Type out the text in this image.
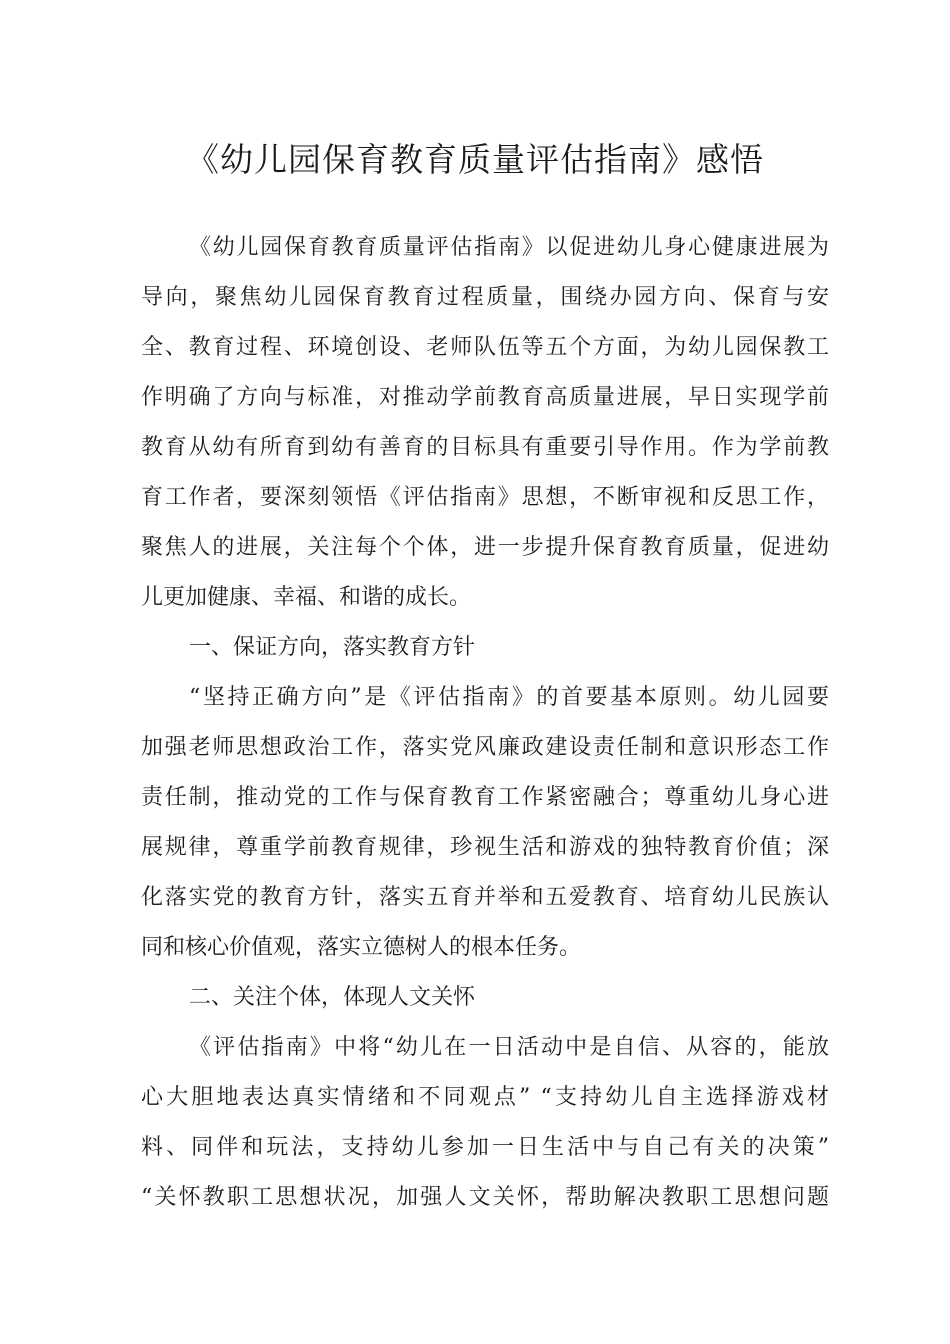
《幼儿园保育教育质量评估指南》感悟
《幼儿园保育教育质量评估指南》以促进幼儿身心健康进展为
导向，聚焦幼儿园保育教育过程质量，围绕办园方向、保育与安
全、教育过程、环境创设、老师队伍等五个方面，为幼儿园保教工
作明确了方向与标准，对推动学前教育高质量进展，早日实现学前
教育从幼有所育到幼有善育的目标具有重要引导作用。作为学前教
育工作者，要深刻领悟《评估指南》思想，不断审视和反思工作，
聚焦人的进展，关注每个个体，进一步提升保育教育质量，促进幼
儿更加健康、幸福、和谐的成长。
一、保证方向，落实教育方针
“坚持正确方向”是《评估指南》的首要基本原则。幼儿园要
加强老师思想政治工作，落实党风廉政建设责任制和意识形态工作
责任制，推动党的工作与保育教育工作紧密融合；尊重幼儿身心进
展规律，尊重学前教育规律，珍视生活和游戏的独特教育价值；深
化落实党的教育方针，落实五育并举和五爱教育、培育幼儿民族认
同和核心价值观，落实立德树人的根本任务。
二、关注个体，体现人文关怀
《评估指南》中将“幼儿在一日活动中是自信、从容的，能放
心大胆地表达真实情绪和不同观点” “支持幼儿自主选择游戏材
料、同伴和玩法，支持幼儿参加一日生活中与自己有关的决策”
“关怀教职工思想状况，加强人文关怀，帮助解决教职工思想问题
